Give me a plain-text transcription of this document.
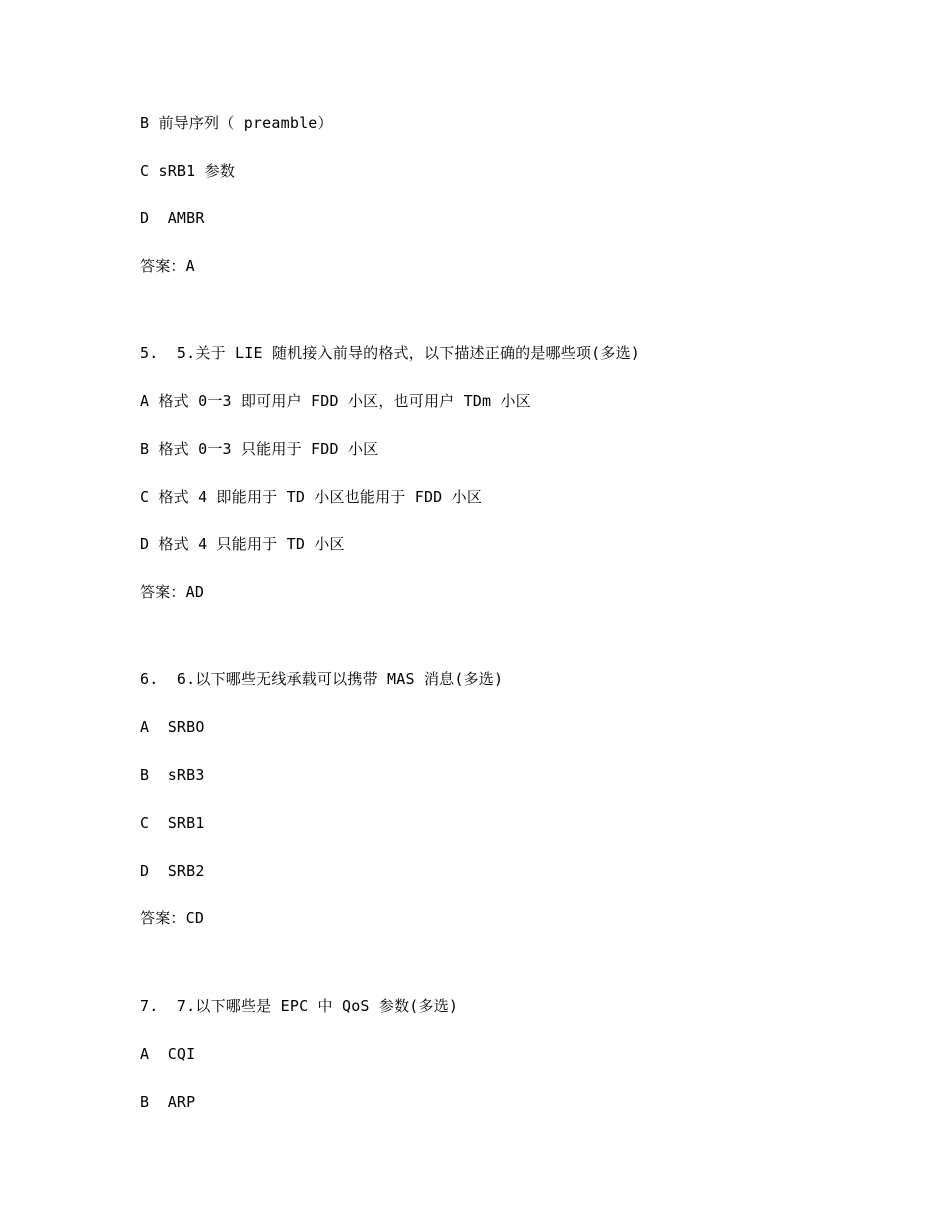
B 前导序列（ preamble）
C sRB1 参数
D  AMBR
答案：A
5.  5.关于 LIE 随机接入前导的格式，以下描述正确的是哪些项(多选)
A 格式 0一3 即可用户 FDD 小区，也可用户 TDm 小区
B 格式 0一3 只能用于 FDD 小区
C 格式 4 即能用于 TD 小区也能用于 FDD 小区
D 格式 4 只能用于 TD 小区
答案：AD
6.  6.以下哪些无线承载可以携带 MAS 消息(多选)
A  SRBO
B  sRB3
C  SRB1
D  SRB2
答案：CD
7.  7.以下哪些是 EPC 中 QoS 参数(多选)
A  CQI
B  ARP
